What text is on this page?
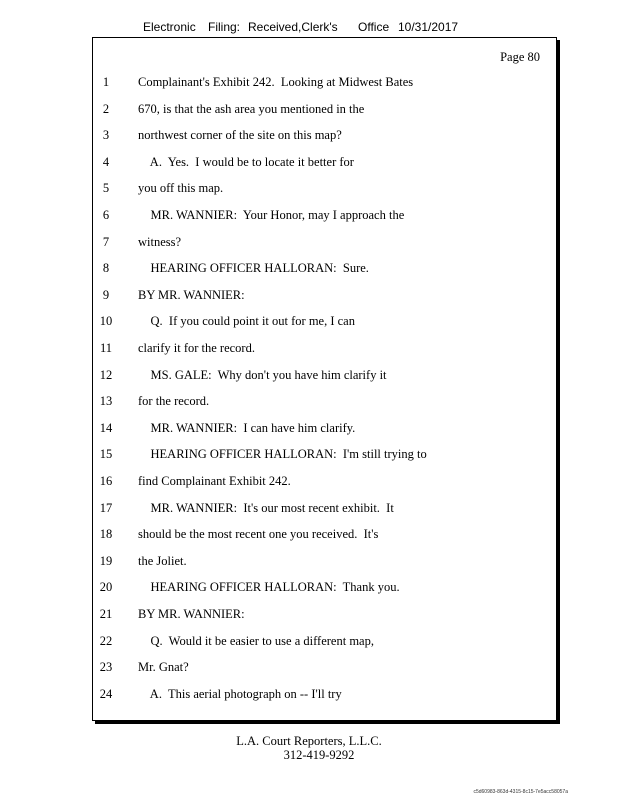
Electronic Filing: Received,Clerk's Office 10/31/2017
Page 80
1	Complainant's Exhibit 242.  Looking at Midwest Bates
2	670, is that the ash area you mentioned in the
3	northwest corner of the site on this map?
4	A.  Yes.  I would be to locate it better for
5	you off this map.
6	MR. WANNIER:  Your Honor, may I approach the
7	witness?
8	HEARING OFFICER HALLORAN:  Sure.
9	BY MR. WANNIER:
10	Q.  If you could point it out for me, I can
11	clarify it for the record.
12	MS. GALE:  Why don't you have him clarify it
13	for the record.
14	MR. WANNIER:  I can have him clarify.
15	HEARING OFFICER HALLORAN:  I'm still trying to
16	find Complainant Exhibit 242.
17	MR. WANNIER:  It's our most recent exhibit.  It
18	should be the most recent one you received.  It's
19	the Joliet.
20	HEARING OFFICER HALLORAN:  Thank you.
21	BY MR. WANNIER:
22	Q.  Would it be easier to use a different map,
23	Mr. Gnat?
24	A.  This aerial photograph on -- I'll try
L.A. Court Reporters, L.L.C.
312-419-9292
c5d60983-863d-4315-8c15-7e5acc58057a
